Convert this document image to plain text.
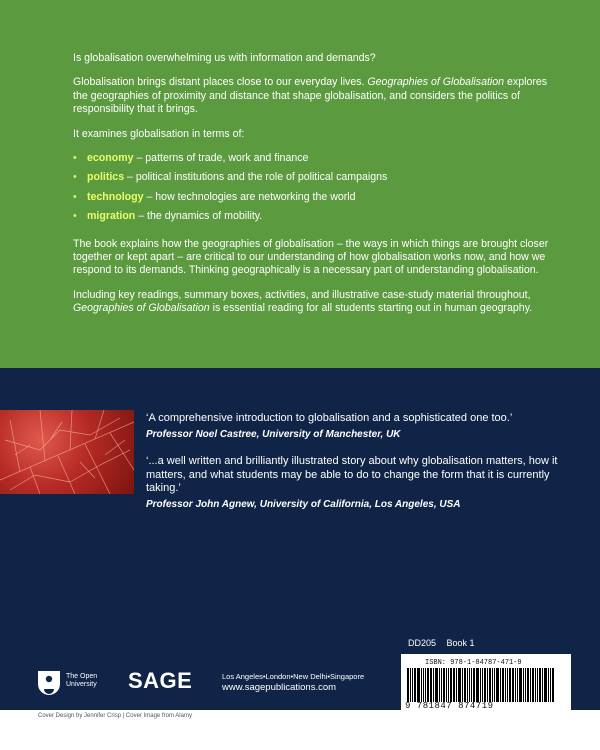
Is globalisation overwhelming us with information and demands?

Globalisation brings distant places close to our everyday lives. Geographies of Globalisation explores the geographies of proximity and distance that shape globalisation, and considers the politics of responsibility that it brings.

It examines globalisation in terms of:

• economy – patterns of trade, work and finance
• politics – political institutions and the role of political campaigns
• technology – how technologies are networking the world
• migration – the dynamics of mobility.

The book explains how the geographies of globalisation – the ways in which things are brought closer together or kept apart – are critical to our understanding of how globalisation works now, and how we respond to its demands. Thinking geographically is a necessary part of understanding globalisation.

Including key readings, summary boxes, activities, and illustrative case-study material throughout, Geographies of Globalisation is essential reading for all students starting out in human geography.

‘A comprehensive introduction to globalisation and a sophisticated one too.’

Professor Noel Castree, University of Manchester, UK

‘...a well written and brilliantly illustrated story about why globalisation matters, how it matters, and what students may be able to do to change the form that it is currently taking.’

Professor John Agnew, University of California, Los Angeles, USA

DD205 Book 1
The Open University	SAGE	Los Angeles•London•New Delhi•Singapore
www.sagepublications.com
ISBN: 978-1-84787-471-9
9 781847 874719
Cover Design by Jennifer Crisp | Cover Image from Alamy
